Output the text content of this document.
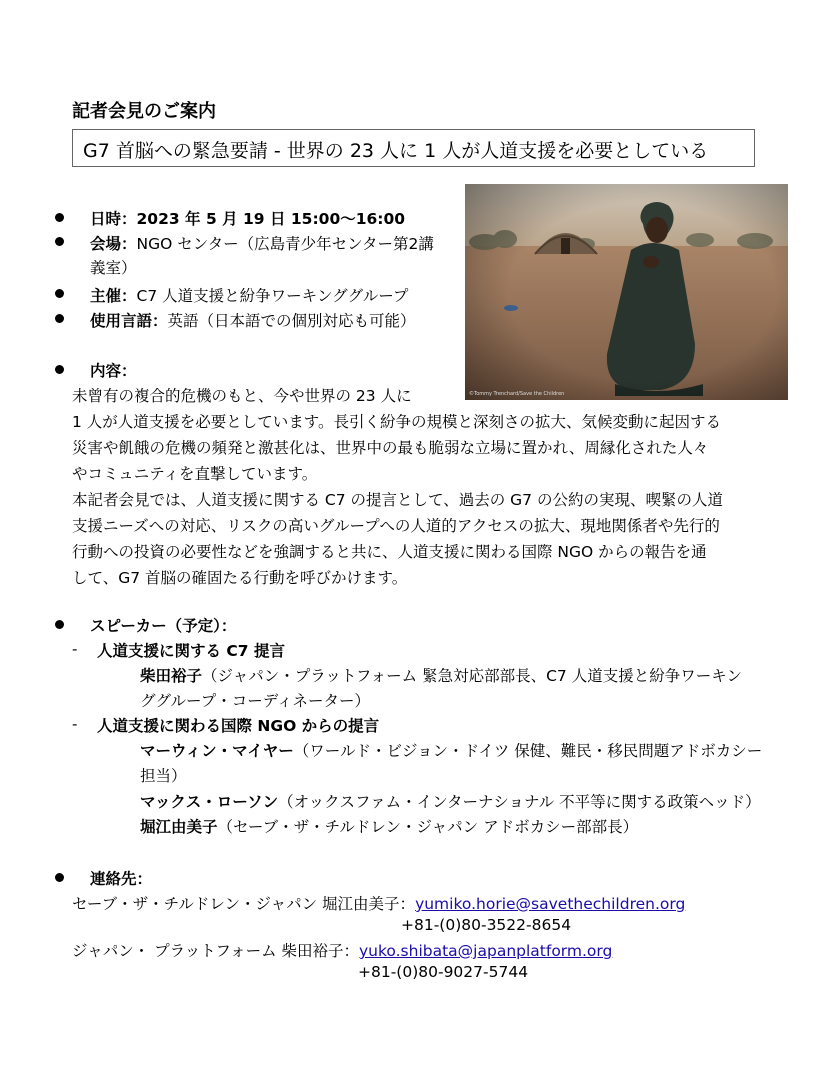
記者会見のご案内
G7 首脳への緊急要請 - 世界の 23 人に 1 人が人道支援を必要としている
©Tommy Trenchard/Save the Children
日時：2023 年 5 月 19 日 15:00～16:00
会場：NGO センター（広島青少年センター第2講
義室）
主催：C7 人道支援と紛争ワーキンググループ
使用言語：英語（日本語での個別対応も可能）
内容：
未曾有の複合的危機のもと、今や世界の 23 人に
1 人が人道支援を必要としています。長引く紛争の規模と深刻さの拡大、気候変動に起因する
災害や飢餓の危機の頻発と激甚化は、世界中の最も脆弱な立場に置かれ、周縁化された人々
やコミュニティを直撃しています。
本記者会見では、人道支援に関する C7 の提言として、過去の G7 の公約の実現、喫緊の人道
支援ニーズへの対応、リスクの高いグループへの人道的アクセスの拡大、現地関係者や先行的
行動への投資の必要性などを強調すると共に、人道支援に関わる国際 NGO からの報告を通
して、G7 首脳の確固たる行動を呼びかけます。
スピーカー（予定）：
- 人道支援に関する C7 提言
柴田裕子（ジャパン・プラットフォーム 緊急対応部部長、C7 人道支援と紛争ワーキン
ググループ・コーディネーター）
- 人道支援に関わる国際 NGO からの提言
マーウィン・マイヤー（ワールド・ビジョン・ドイツ 保健、難民・移民問題アドボカシー
担当）
マックス・ローソン（オックスファム・インターナショナル 不平等に関する政策ヘッド）
堀江由美子（セーブ・ザ・チルドレン・ジャパン アドボカシー部部長）
連絡先：
セーブ・ザ・チルドレン・ジャパン 堀江由美子：yumiko.horie@savethechildren.org
+81-(0)80-3522-8654
ジャパン・ プラットフォーム 柴田裕子：yuko.shibata@japanplatform.org
+81-(0)80-9027-5744
